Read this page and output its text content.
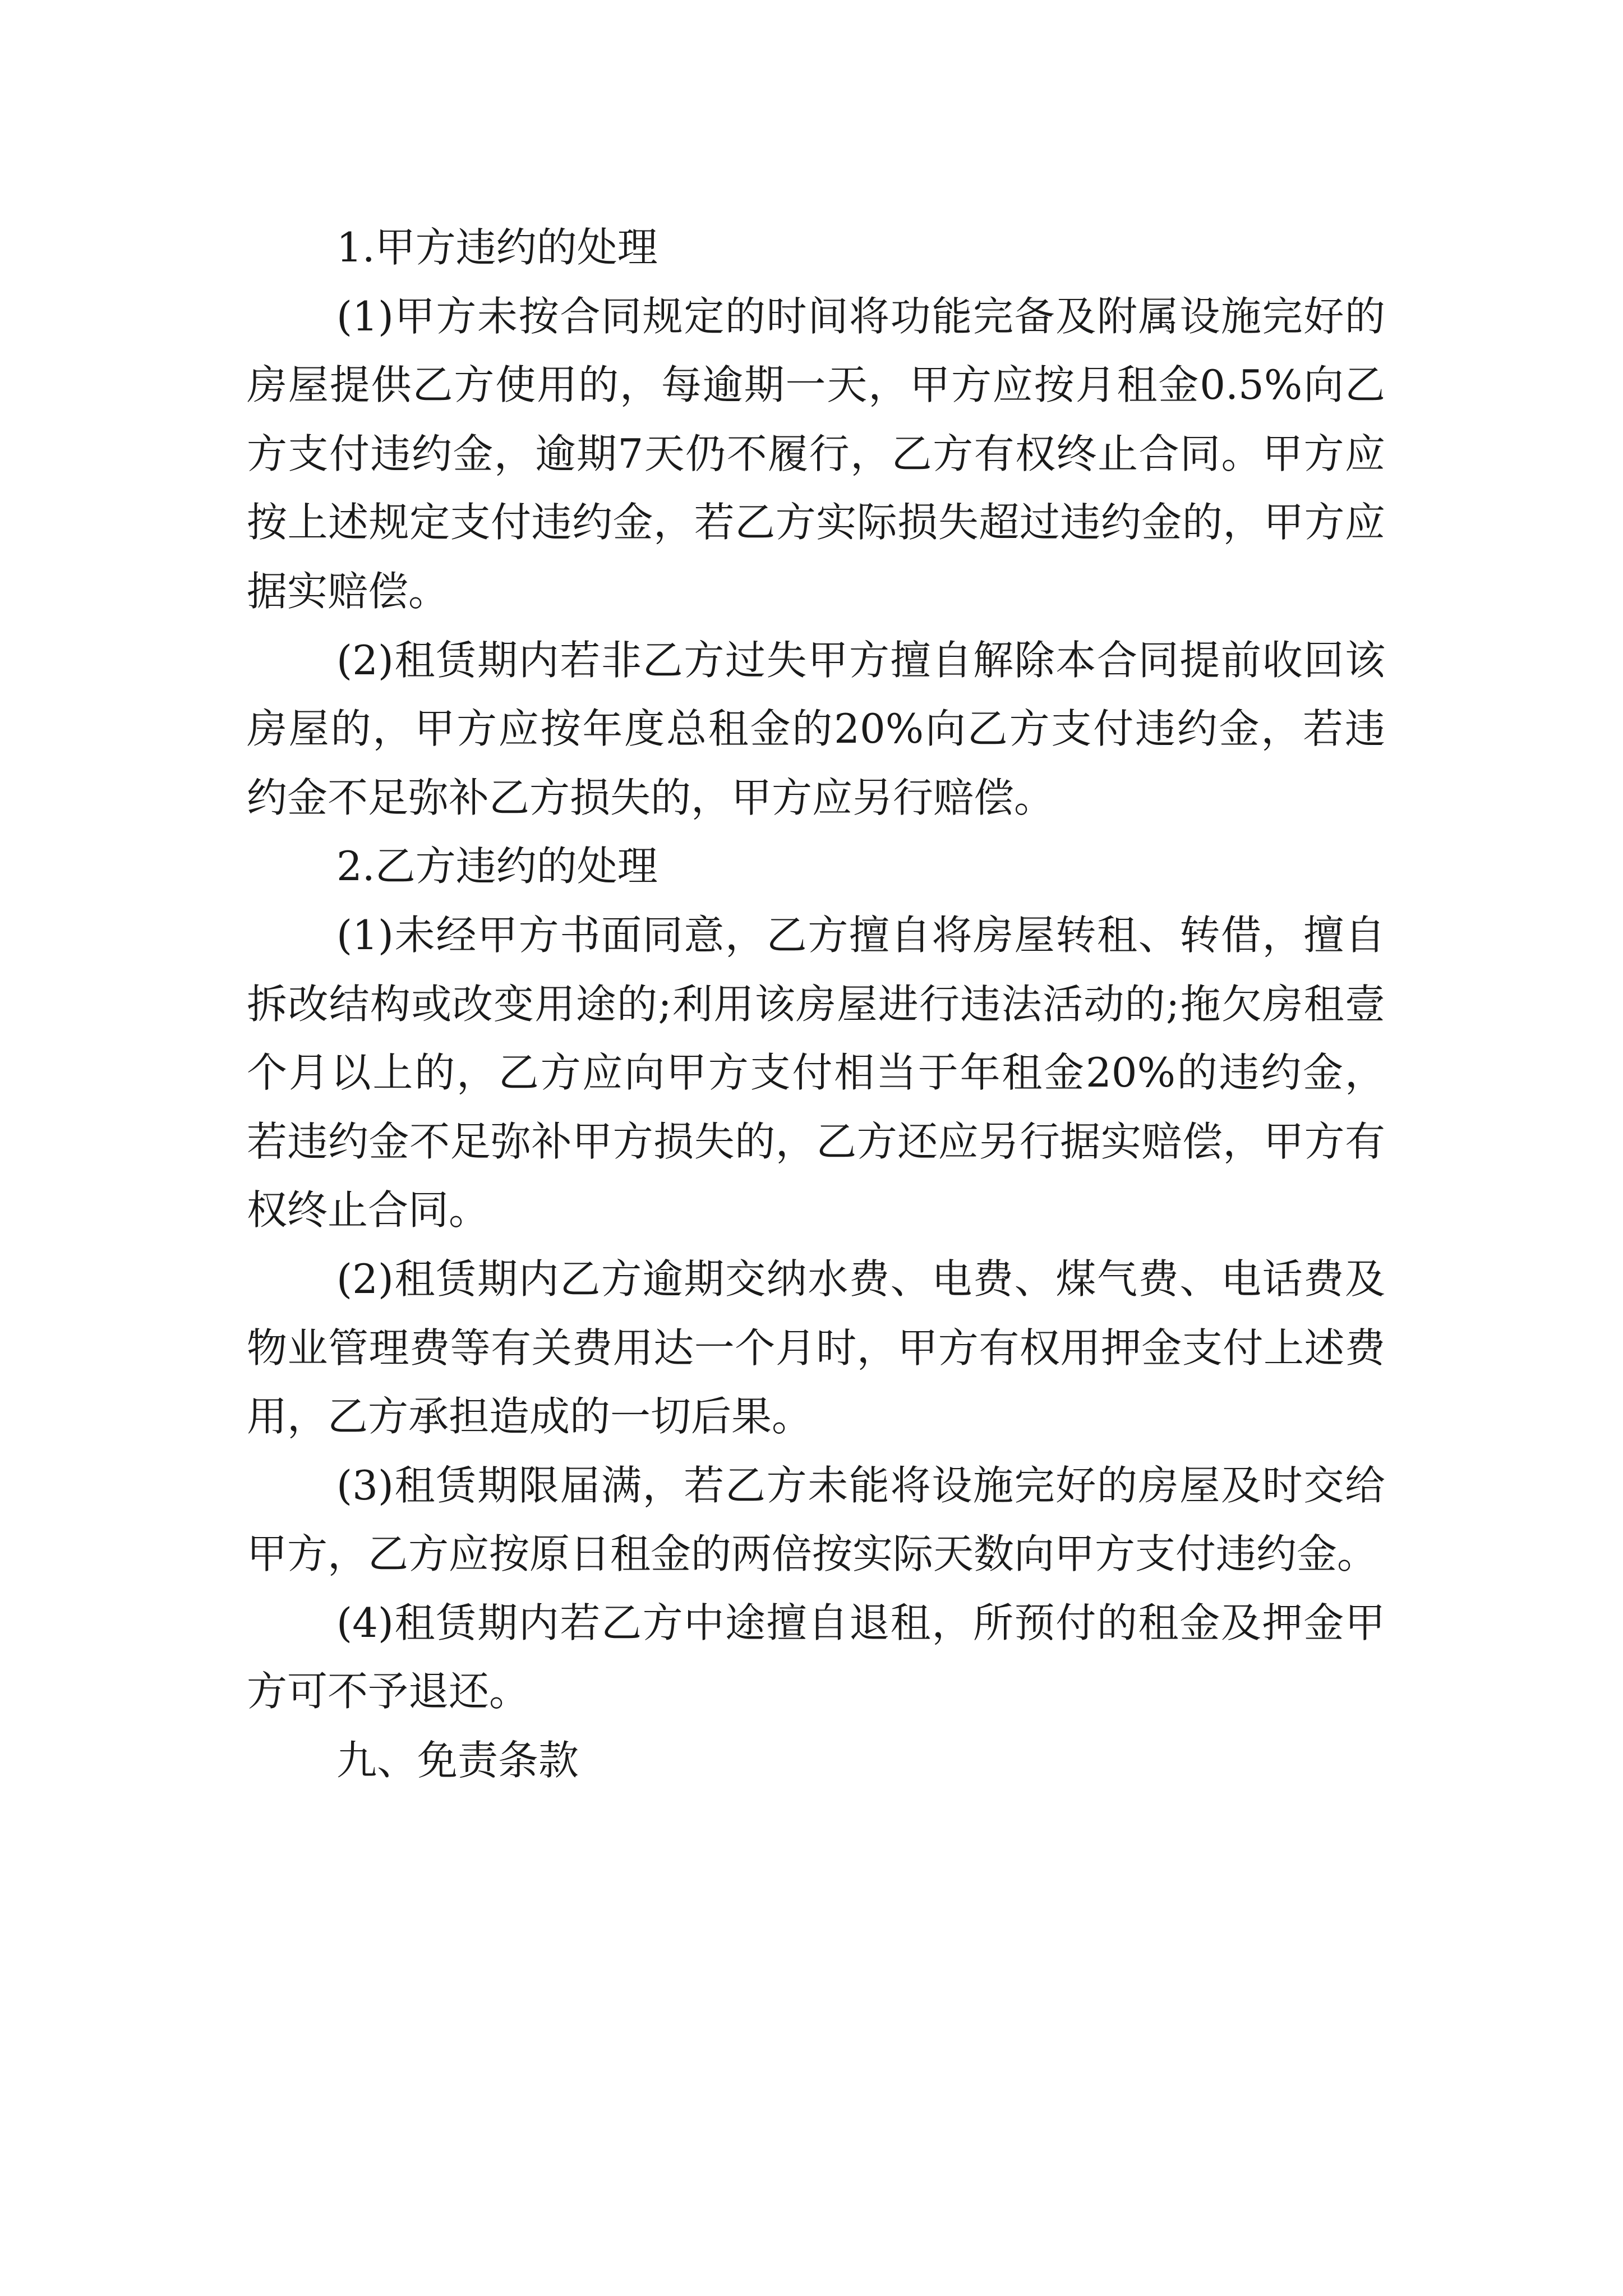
1.甲方违约的处理

(1)甲方未按合同规定的时间将功能完备及附属设施完好的房屋提供乙方使用的，每逾期一天，甲方应按月租金0.5%向乙方支付违约金，逾期7天仍不履行，乙方有权终止合同。甲方应按上述规定支付违约金，若乙方实际损失超过违约金的，甲方应据实赔偿。

(2)租赁期内若非乙方过失甲方擅自解除本合同提前收回该房屋的，甲方应按年度总租金的20%向乙方支付违约金，若违约金不足弥补乙方损失的，甲方应另行赔偿。

2.乙方违约的处理

(1)未经甲方书面同意，乙方擅自将房屋转租、转借，擅自拆改结构或改变用途的;利用该房屋进行违法活动的;拖欠房租壹个月以上的，乙方应向甲方支付相当于年租金20%的违约金，若违约金不足弥补甲方损失的，乙方还应另行据实赔偿，甲方有权终止合同。

(2)租赁期内乙方逾期交纳水费、电费、煤气费、电话费及物业管理费等有关费用达一个月时，甲方有权用押金支付上述费用，乙方承担造成的一切后果。

(3)租赁期限届满，若乙方未能将设施完好的房屋及时交给甲方，乙方应按原日租金的两倍按实际天数向甲方支付违约金。

(4)租赁期内若乙方中途擅自退租，所预付的租金及押金甲方可不予退还。

九、免责条款
